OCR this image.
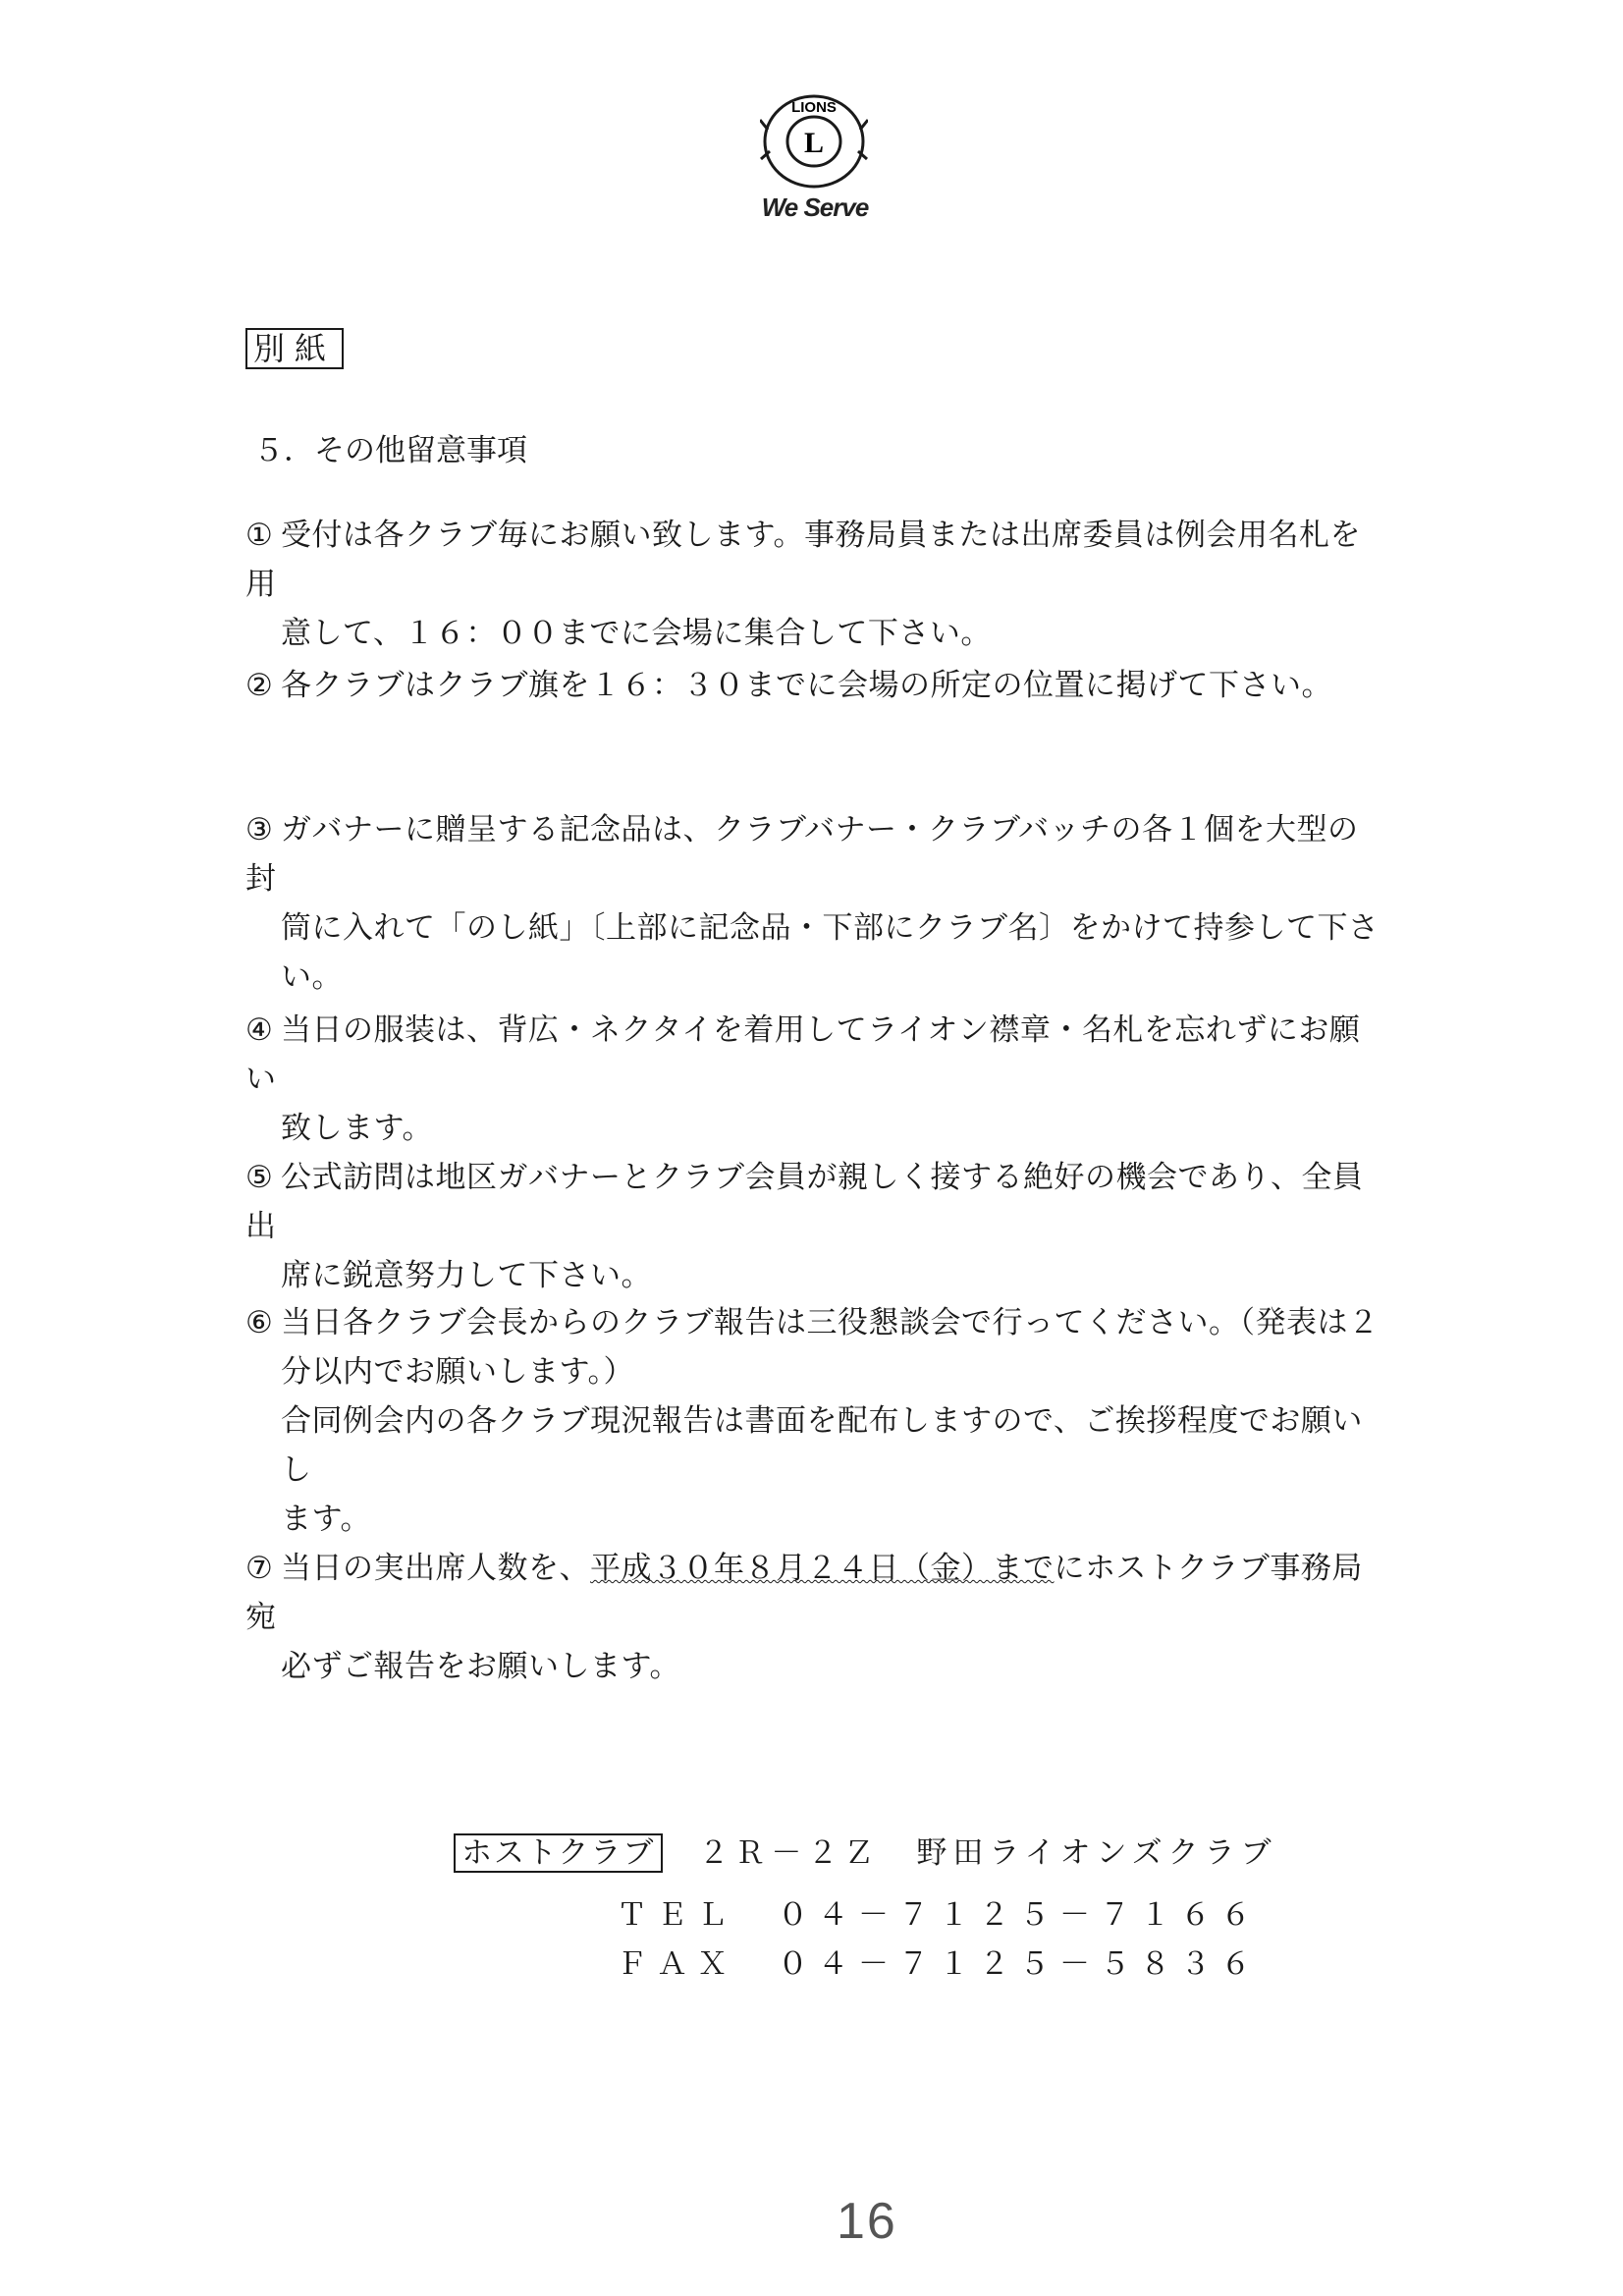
LIONS
L
We Serve
別紙
５．その他留意事項
① 受付は各クラブ毎にお願い致します。事務局員または出席委員は例会用名札を用
意して、１６：００までに会場に集合して下さい。
② 各クラブはクラブ旗を１６：３０までに会場の所定の位置に掲げて下さい。
③ ガバナーに贈呈する記念品は、クラブバナー・クラブバッチの各１個を大型の封
筒に入れて「のし紙」〔上部に記念品・下部にクラブ名〕をかけて持参して下さ
い。
④ 当日の服装は、背広・ネクタイを着用してライオン襟章・名札を忘れずにお願い
致します。
⑤ 公式訪問は地区ガバナーとクラブ会員が親しく接する絶好の機会であり、全員出
席に鋭意努力して下さい。
⑥ 当日各クラブ会長からのクラブ報告は三役懇談会で行ってください。（発表は２
分以内でお願いします。）
合同例会内の各クラブ現況報告は書面を配布しますので、ご挨拶程度でお願いし
ます。
⑦ 当日の実出席人数を、平成３０年８月２４日（金）までにホストクラブ事務局宛
必ずご報告をお願いします。
ホストクラブ ２Ｒ－２Ｚ　野田ライオンズクラブ
ＴＥＬ　０４－７１２５－７１６６
ＦＡＸ　０４－７１２５－５８３６
16
